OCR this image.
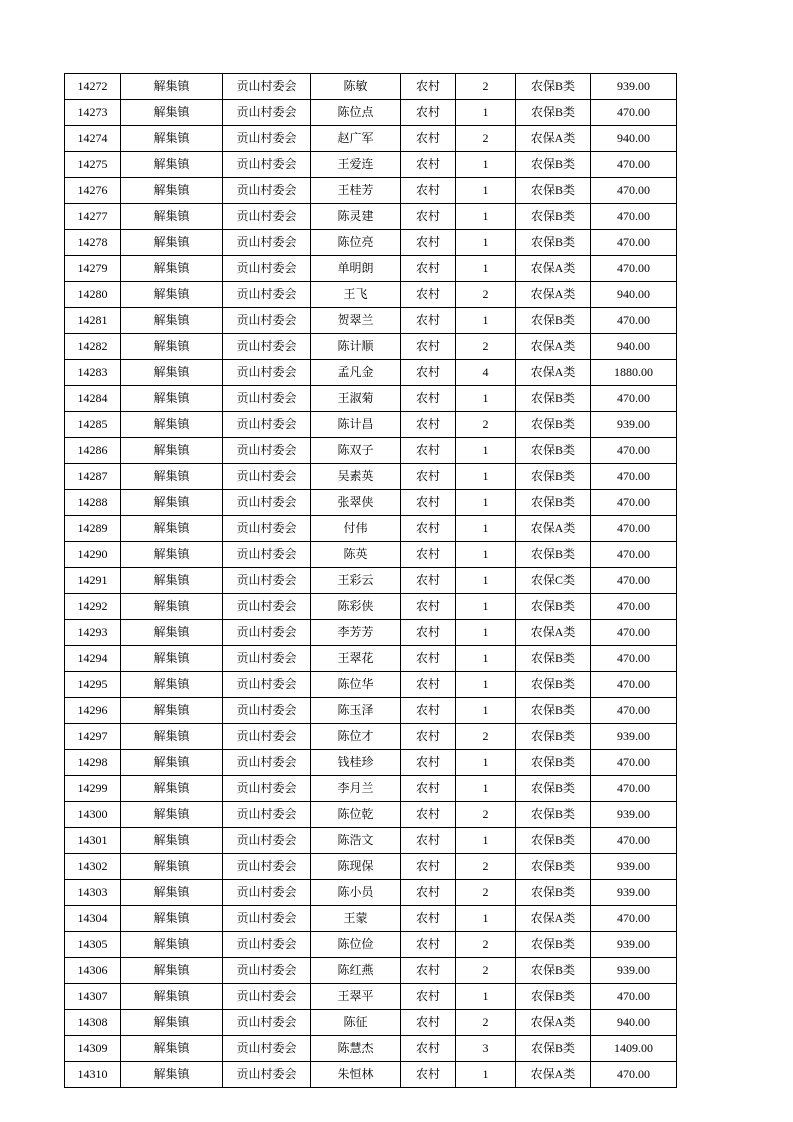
14272	解集镇	贡山村委会	陈敏	农村	2	农保B类	939.00
14273	解集镇	贡山村委会	陈位点	农村	1	农保B类	470.00
14274	解集镇	贡山村委会	赵广军	农村	2	农保A类	940.00
14275	解集镇	贡山村委会	王爱连	农村	1	农保B类	470.00
14276	解集镇	贡山村委会	王桂芳	农村	1	农保B类	470.00
14277	解集镇	贡山村委会	陈灵建	农村	1	农保B类	470.00
14278	解集镇	贡山村委会	陈位亮	农村	1	农保B类	470.00
14279	解集镇	贡山村委会	单明朗	农村	1	农保A类	470.00
14280	解集镇	贡山村委会	王飞	农村	2	农保A类	940.00
14281	解集镇	贡山村委会	贺翠兰	农村	1	农保B类	470.00
14282	解集镇	贡山村委会	陈计顺	农村	2	农保A类	940.00
14283	解集镇	贡山村委会	孟凡金	农村	4	农保A类	1880.00
14284	解集镇	贡山村委会	王淑菊	农村	1	农保B类	470.00
14285	解集镇	贡山村委会	陈计昌	农村	2	农保B类	939.00
14286	解集镇	贡山村委会	陈双子	农村	1	农保B类	470.00
14287	解集镇	贡山村委会	吴素英	农村	1	农保B类	470.00
14288	解集镇	贡山村委会	张翠侠	农村	1	农保B类	470.00
14289	解集镇	贡山村委会	付伟	农村	1	农保A类	470.00
14290	解集镇	贡山村委会	陈英	农村	1	农保B类	470.00
14291	解集镇	贡山村委会	王彩云	农村	1	农保C类	470.00
14292	解集镇	贡山村委会	陈彩侠	农村	1	农保B类	470.00
14293	解集镇	贡山村委会	李芳芳	农村	1	农保A类	470.00
14294	解集镇	贡山村委会	王翠花	农村	1	农保B类	470.00
14295	解集镇	贡山村委会	陈位华	农村	1	农保B类	470.00
14296	解集镇	贡山村委会	陈玉泽	农村	1	农保B类	470.00
14297	解集镇	贡山村委会	陈位才	农村	2	农保B类	939.00
14298	解集镇	贡山村委会	钱桂珍	农村	1	农保B类	470.00
14299	解集镇	贡山村委会	李月兰	农村	1	农保B类	470.00
14300	解集镇	贡山村委会	陈位乾	农村	2	农保B类	939.00
14301	解集镇	贡山村委会	陈浩文	农村	1	农保B类	470.00
14302	解集镇	贡山村委会	陈现保	农村	2	农保B类	939.00
14303	解集镇	贡山村委会	陈小员	农村	2	农保B类	939.00
14304	解集镇	贡山村委会	王蒙	农村	1	农保A类	470.00
14305	解集镇	贡山村委会	陈位俭	农村	2	农保B类	939.00
14306	解集镇	贡山村委会	陈红燕	农村	2	农保B类	939.00
14307	解集镇	贡山村委会	王翠平	农村	1	农保B类	470.00
14308	解集镇	贡山村委会	陈征	农村	2	农保A类	940.00
14309	解集镇	贡山村委会	陈慧杰	农村	3	农保B类	1409.00
14310	解集镇	贡山村委会	朱恒林	农村	1	农保A类	470.00
